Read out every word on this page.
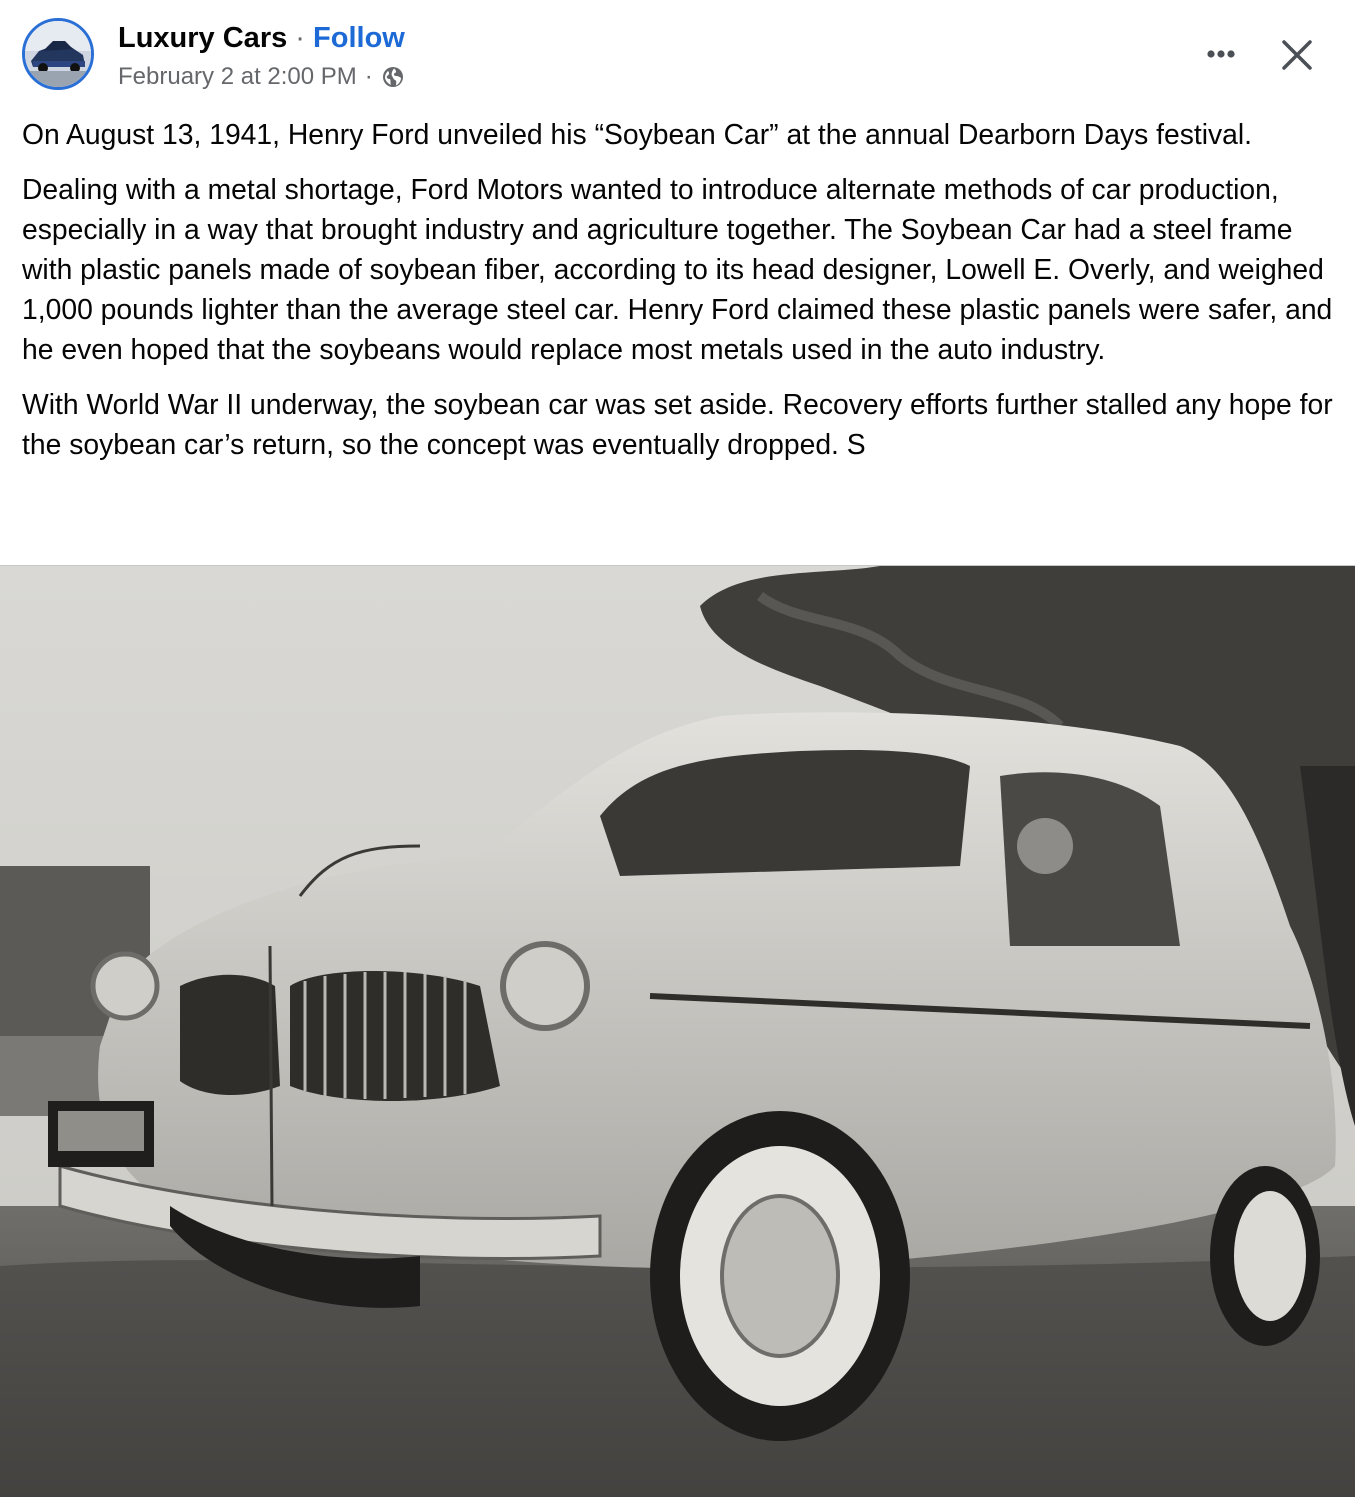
Luxury Cars · Follow
February 2 at 2:00 PM ·

On August 13, 1941, Henry Ford unveiled his “Soybean Car” at the annual Dearborn Days festival.

Dealing with a metal shortage, Ford Motors wanted to introduce alternate methods of car production, especially in a way that brought industry and agriculture together. The Soybean Car had a steel frame with plastic panels made of soybean fiber, according to its head designer, Lowell E. Overly, and weighed 1,000 pounds lighter than the average steel car. Henry Ford claimed these plastic panels were safer, and he even hoped that the soybeans would replace most metals used in the auto industry.

With World War II underway, the soybean car was set aside. Recovery efforts further stalled any hope for the soybean car’s return, so the concept was eventually dropped. S
